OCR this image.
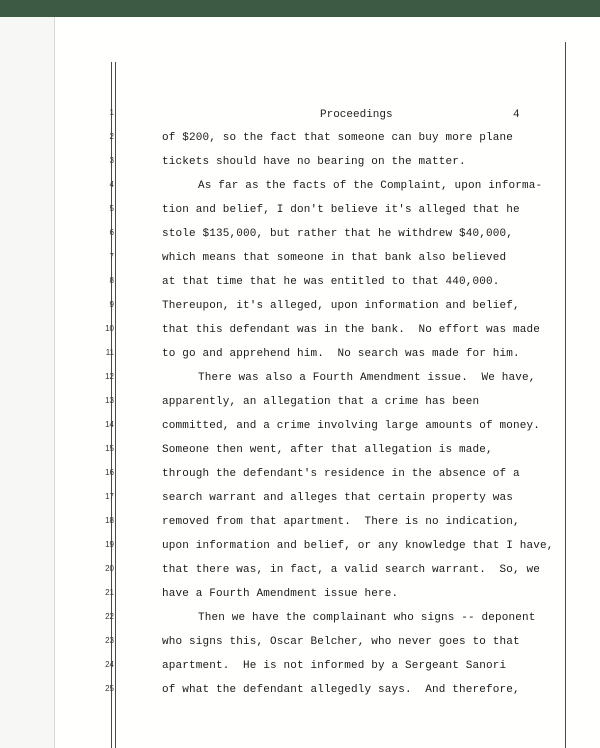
1
2
3
4
5
6
7
8
9
10
11
12
13
14
15
16
17
18
19
20
21
22
23
24
25
Proceedings	4
of $200, so the fact that someone can buy more plane
tickets should have no bearing on the matter.
As far as the facts of the Complaint, upon informa-
tion and belief, I don't believe it's alleged that he
stole $135,000, but rather that he withdrew $40,000,
which means that someone in that bank also believed
at that time that he was entitled to that 440,000.
Thereupon, it's alleged, upon information and belief,
that this defendant was in the bank.  No effort was made
to go and apprehend him.  No search was made for him.
There was also a Fourth Amendment issue.  We have,
apparently, an allegation that a crime has been
committed, and a crime involving large amounts of money.
Someone then went, after that allegation is made,
through the defendant's residence in the absence of a
search warrant and alleges that certain property was
removed from that apartment.  There is no indication,
upon information and belief, or any knowledge that I have,
that there was, in fact, a valid search warrant.  So, we
have a Fourth Amendment issue here.
Then we have the complainant who signs -- deponent
who signs this, Oscar Belcher, who never goes to that
apartment.  He is not informed by a Sergeant Sanori
of what the defendant allegedly says.  And therefore,
